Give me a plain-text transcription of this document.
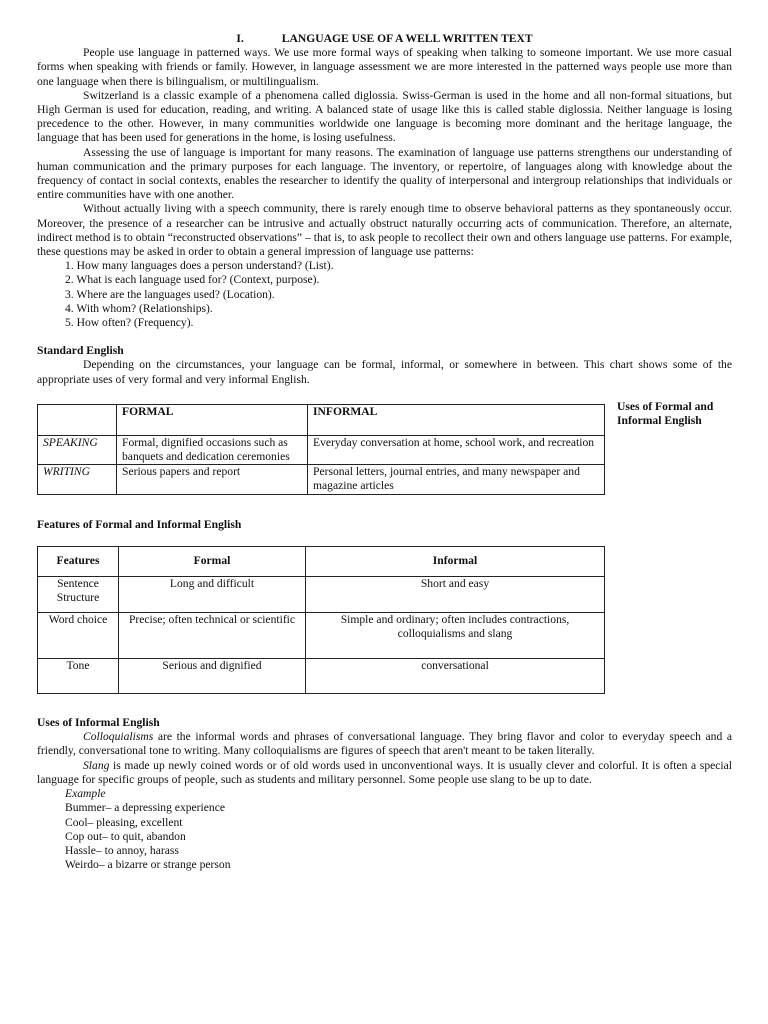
I.	LANGUAGE USE OF A WELL WRITTEN TEXT

People use language in patterned ways. We use more formal ways of speaking when talking to someone important. We use more casual forms when speaking with friends or family. However, in language assessment we are more interested in the patterned ways people use more than one language when there is bilingualism, or multilingualism.

Switzerland is a classic example of a phenomena called diglossia. Swiss-German is used in the home and all non-formal situations, but High German is used for education, reading, and writing. A balanced state of usage like this is called stable diglossia. Neither language is losing precedence to the other. However, in many communities worldwide one language is becoming more dominant and the heritage language, the language that has been used for generations in the home, is losing usefulness.

Assessing the use of language is important for many reasons. The examination of language use patterns strengthens our understanding of human communication and the primary purposes for each language. The inventory, or repertoire, of languages along with knowledge about the frequency of contact in social contexts, enables the researcher to identify the quality of interpersonal and intergroup relationships that individuals or entire communities have with one another.

Without actually living with a speech community, there is rarely enough time to observe behavioral patterns as they spontaneously occur. Moreover, the presence of a researcher can be intrusive and actually obstruct naturally occurring acts of communication. Therefore, an alternate, indirect method is to obtain “reconstructed observations” – that is, to ask people to recollect their own and others language use patterns. For example, these questions may be asked in order to obtain a general impression of language use patterns:

1. How many languages does a person understand? (List).
2. What is each language used for? (Context, purpose).
3. Where are the languages used? (Location).
4. With whom? (Relationships).
5. How often? (Frequency).
Standard English

Depending on the circumstances, your language can be formal, informal, or somewhere in between. This chart shows some of the appropriate uses of very formal and very informal English.

	FORMAL	INFORMAL
SPEAKING	Formal, dignified occasions such as banquets and dedication ceremonies	Everyday conversation at home, school work, and recreation
WRITING	Serious papers and report	Personal letters, journal entries, and many newspaper and magazine articles
Uses of Formal and Informal English
Features of Formal and Informal English
Features	Formal	Informal
Sentence Structure	Long and difficult	Short and easy
Word choice	Precise; often technical or scientific	Simple and ordinary; often includes contractions, colloquialisms and slang
Tone	Serious and dignified	conversational
Uses of Informal English

Colloquialisms are the informal words and phrases of conversational language. They bring flavor and color to everyday speech and a friendly, conversational tone to writing. Many colloquialisms are figures of speech that aren't meant to be taken literally.

Slang is made up newly coined words or of old words used in unconventional ways. It is usually clever and colorful. It is often a special language for specific groups of people, such as students and military personnel. Some people use slang to be up to date.

Example
Bummer– a depressing experience
Cool– pleasing, excellent
Cop out– to quit, abandon
Hassle– to annoy, harass
Weirdo– a bizarre or strange person
